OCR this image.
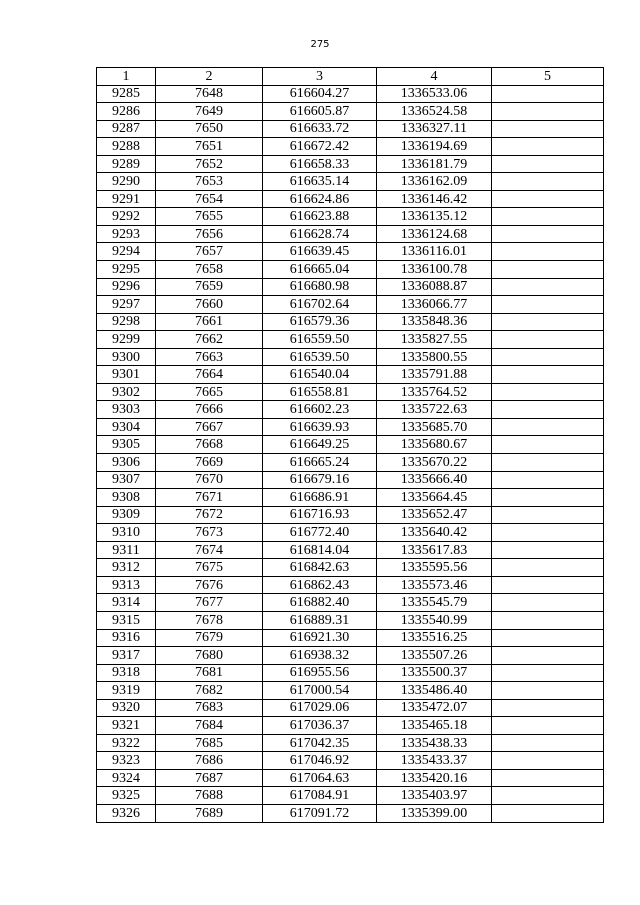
275
1	2	3	4	5
9285	7648	616604.27	1336533.06	
9286	7649	616605.87	1336524.58	
9287	7650	616633.72	1336327.11	
9288	7651	616672.42	1336194.69	
9289	7652	616658.33	1336181.79	
9290	7653	616635.14	1336162.09	
9291	7654	616624.86	1336146.42	
9292	7655	616623.88	1336135.12	
9293	7656	616628.74	1336124.68	
9294	7657	616639.45	1336116.01	
9295	7658	616665.04	1336100.78	
9296	7659	616680.98	1336088.87	
9297	7660	616702.64	1336066.77	
9298	7661	616579.36	1335848.36	
9299	7662	616559.50	1335827.55	
9300	7663	616539.50	1335800.55	
9301	7664	616540.04	1335791.88	
9302	7665	616558.81	1335764.52	
9303	7666	616602.23	1335722.63	
9304	7667	616639.93	1335685.70	
9305	7668	616649.25	1335680.67	
9306	7669	616665.24	1335670.22	
9307	7670	616679.16	1335666.40	
9308	7671	616686.91	1335664.45	
9309	7672	616716.93	1335652.47	
9310	7673	616772.40	1335640.42	
9311	7674	616814.04	1335617.83	
9312	7675	616842.63	1335595.56	
9313	7676	616862.43	1335573.46	
9314	7677	616882.40	1335545.79	
9315	7678	616889.31	1335540.99	
9316	7679	616921.30	1335516.25	
9317	7680	616938.32	1335507.26	
9318	7681	616955.56	1335500.37	
9319	7682	617000.54	1335486.40	
9320	7683	617029.06	1335472.07	
9321	7684	617036.37	1335465.18	
9322	7685	617042.35	1335438.33	
9323	7686	617046.92	1335433.37	
9324	7687	617064.63	1335420.16	
9325	7688	617084.91	1335403.97	
9326	7689	617091.72	1335399.00	
